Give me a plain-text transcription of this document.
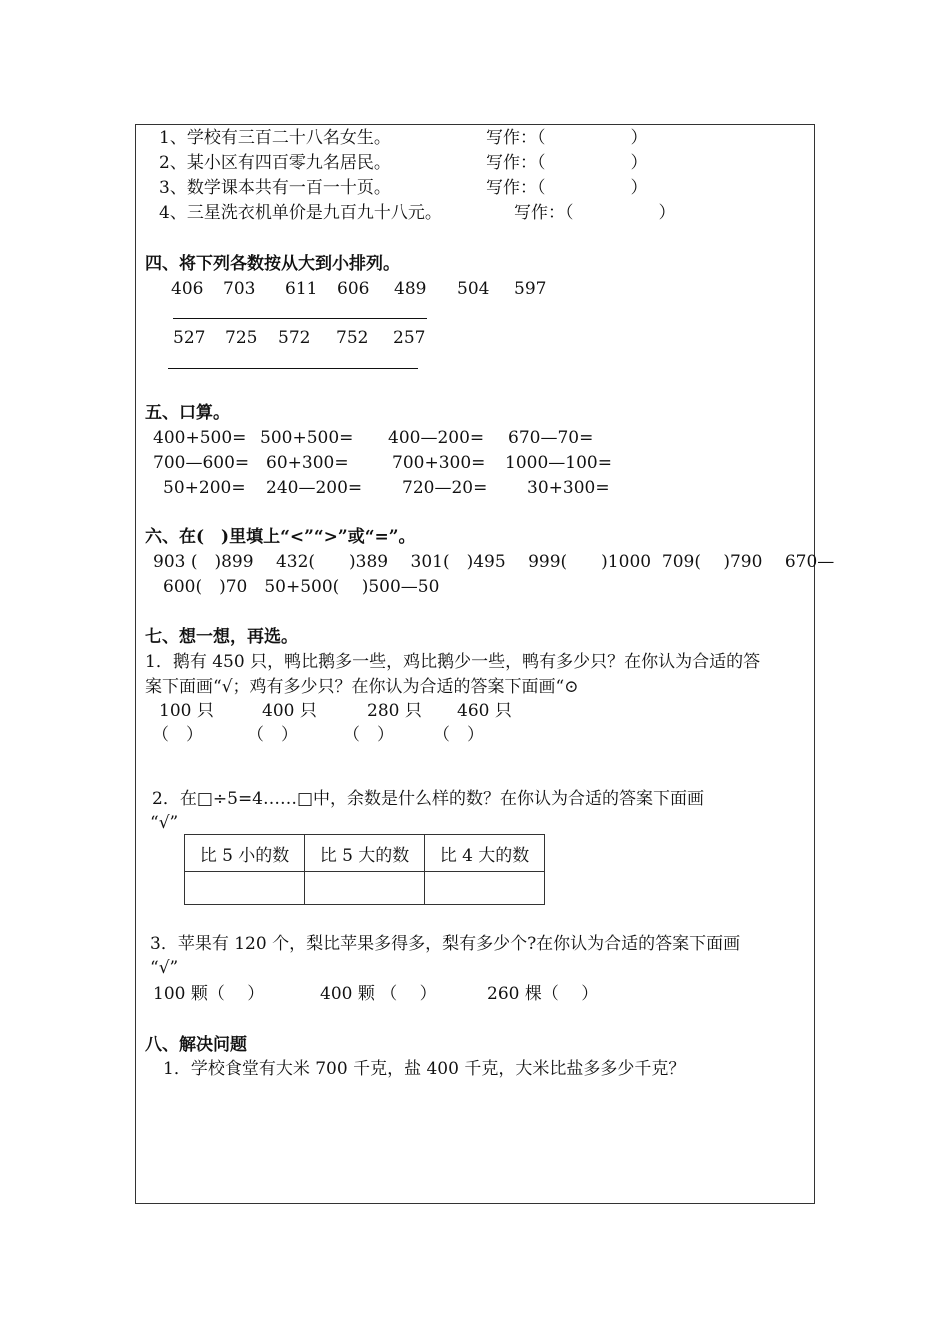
1、学校有三百二十八名女生。	写作：（　　　　　）
2、某小区有四百零九名居民。	写作：（　　　　　）
3、数学课本共有一百一十页。	写作：（　　　　　）
4、三星洗衣机单价是九百九十八元。	写作：（　　　　　）
四、将下列各数按从大到小排列。
406 703 611 606 489 504 597
527 725 572 752 257
五、口算。
400+500= 500+500= 400—200= 670—70=
700—600= 60+300=	700+300= 1000—100=
50+200= 240—200= 720—20= 30+300=
六、在(　)里填上“<”“>”或“=”。
903 (　)899　 432(　　)389　 301(　)495　 999(　　)1000  709(　 )790　 670—
600(　)70　50+500(　 )500—50
七、想一想，再选。
1．鹅有 450 只，鸭比鹅多一些，鸡比鹅少一些，鸭有多少只？在你认为合适的答
案下面画“√；鸡有多少只？在你认为合适的答案下面画“⊙
100 只	400 只	280 只 460 只
（　）	（　）	（　） （　）
2．在□÷5=4……□中，余数是什么样的数？在你认为合适的答案下面画
“√”
比 5 小的数	比 5 大的数	比 4 大的数

3．苹果有 120 个，梨比苹果多得多，梨有多少个?在你认为合适的答案下面画
“√”
100 颗（　 ）	400 颗 （　 ）	260 棵（　 ）
八、解决问题
1．学校食堂有大米 700 千克，盐 400 千克，大米比盐多多少千克？
